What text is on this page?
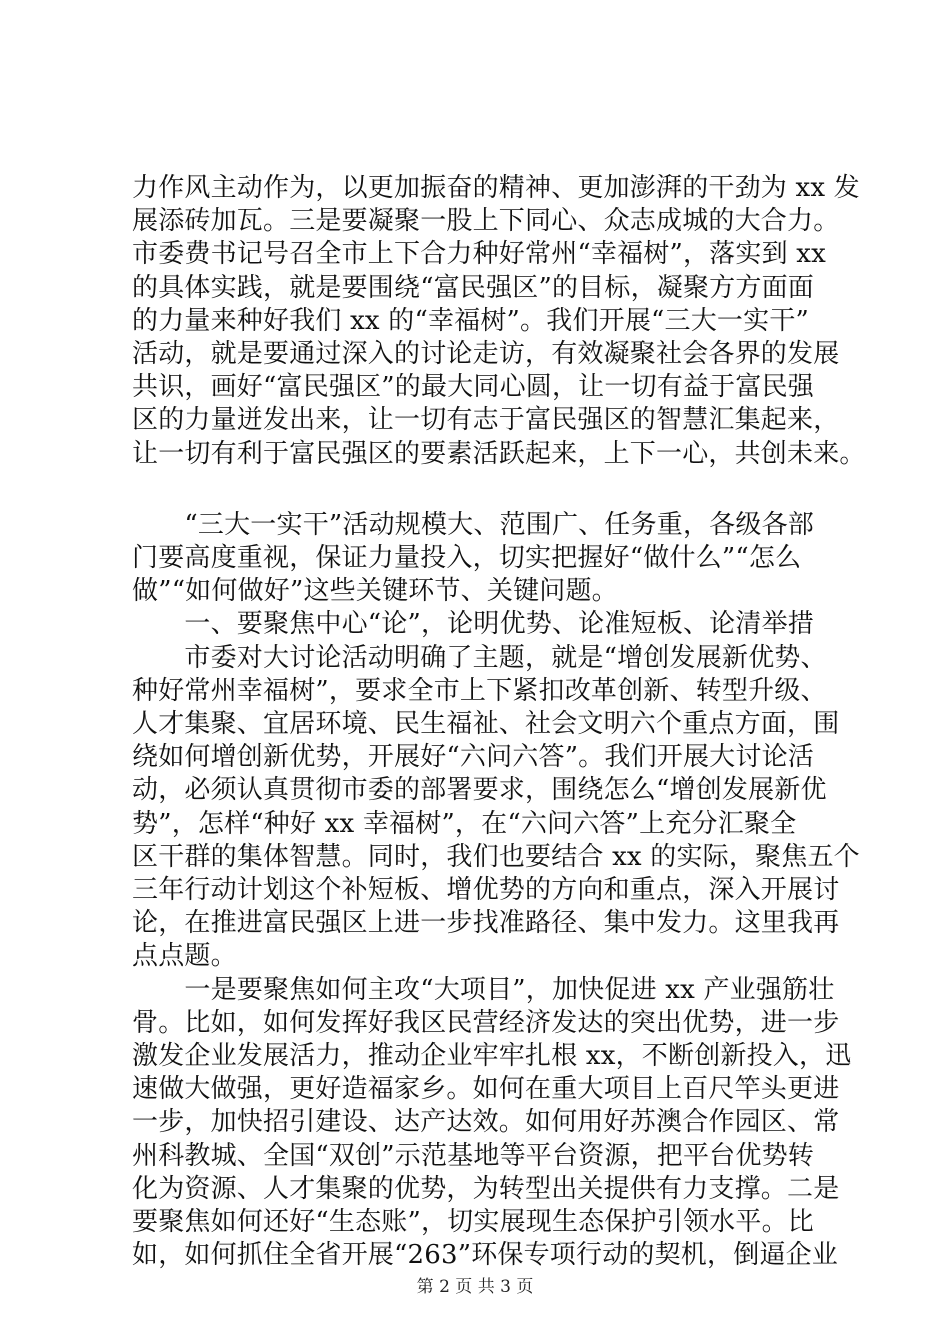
力作风主动作为，以更加振奋的精神、更加澎湃的干劲为 xx 发
展添砖加瓦。三是要凝聚一股上下同心、众志成城的大合力。
市委费书记号召全市上下合力种好常州“幸福树”，落实到 xx
的具体实践，就是要围绕“富民强区”的目标，凝聚方方面面
的力量来种好我们 xx 的“幸福树”。我们开展“三大一实干”
活动，就是要通过深入的讨论走访，有效凝聚社会各界的发展
共识，画好“富民强区”的最大同心圆，让一切有益于富民强
区的力量迸发出来，让一切有志于富民强区的智慧汇集起来，
让一切有利于富民强区的要素活跃起来，上下一心，共创未来。
　　“三大一实干”活动规模大、范围广、任务重，各级各部
门要高度重视，保证力量投入，切实把握好“做什么”“怎么
做”“如何做好”这些关键环节、关键问题。
　　一、要聚焦中心“论”，论明优势、论准短板、论清举措
　　市委对大讨论活动明确了主题，就是“增创发展新优势、
种好常州幸福树”，要求全市上下紧扣改革创新、转型升级、
人才集聚、宜居环境、民生福祉、社会文明六个重点方面，围
绕如何增创新优势，开展好“六问六答”。我们开展大讨论活
动，必须认真贯彻市委的部署要求，围绕怎么“增创发展新优
势”，怎样“种好 xx 幸福树”，在“六问六答”上充分汇聚全
区干群的集体智慧。同时，我们也要结合 xx 的实际，聚焦五个
三年行动计划这个补短板、增优势的方向和重点，深入开展讨
论，在推进富民强区上进一步找准路径、集中发力。这里我再
点点题。
　　一是要聚焦如何主攻“大项目”，加快促进 xx 产业强筋壮
骨。比如，如何发挥好我区民营经济发达的突出优势，进一步
激发企业发展活力，推动企业牢牢扎根 xx，不断创新投入，迅
速做大做强，更好造福家乡。如何在重大项目上百尺竿头更进
一步，加快招引建设、达产达效。如何用好苏澳合作园区、常
州科教城、全国“双创”示范基地等平台资源，把平台优势转
化为资源、人才集聚的优势，为转型出关提供有力支撑。二是
要聚焦如何还好“生态账”，切实展现生态保护引领水平。比
如，如何抓住全省开展“263”环保专项行动的契机，倒逼企业
第 2 页 共 3 页
